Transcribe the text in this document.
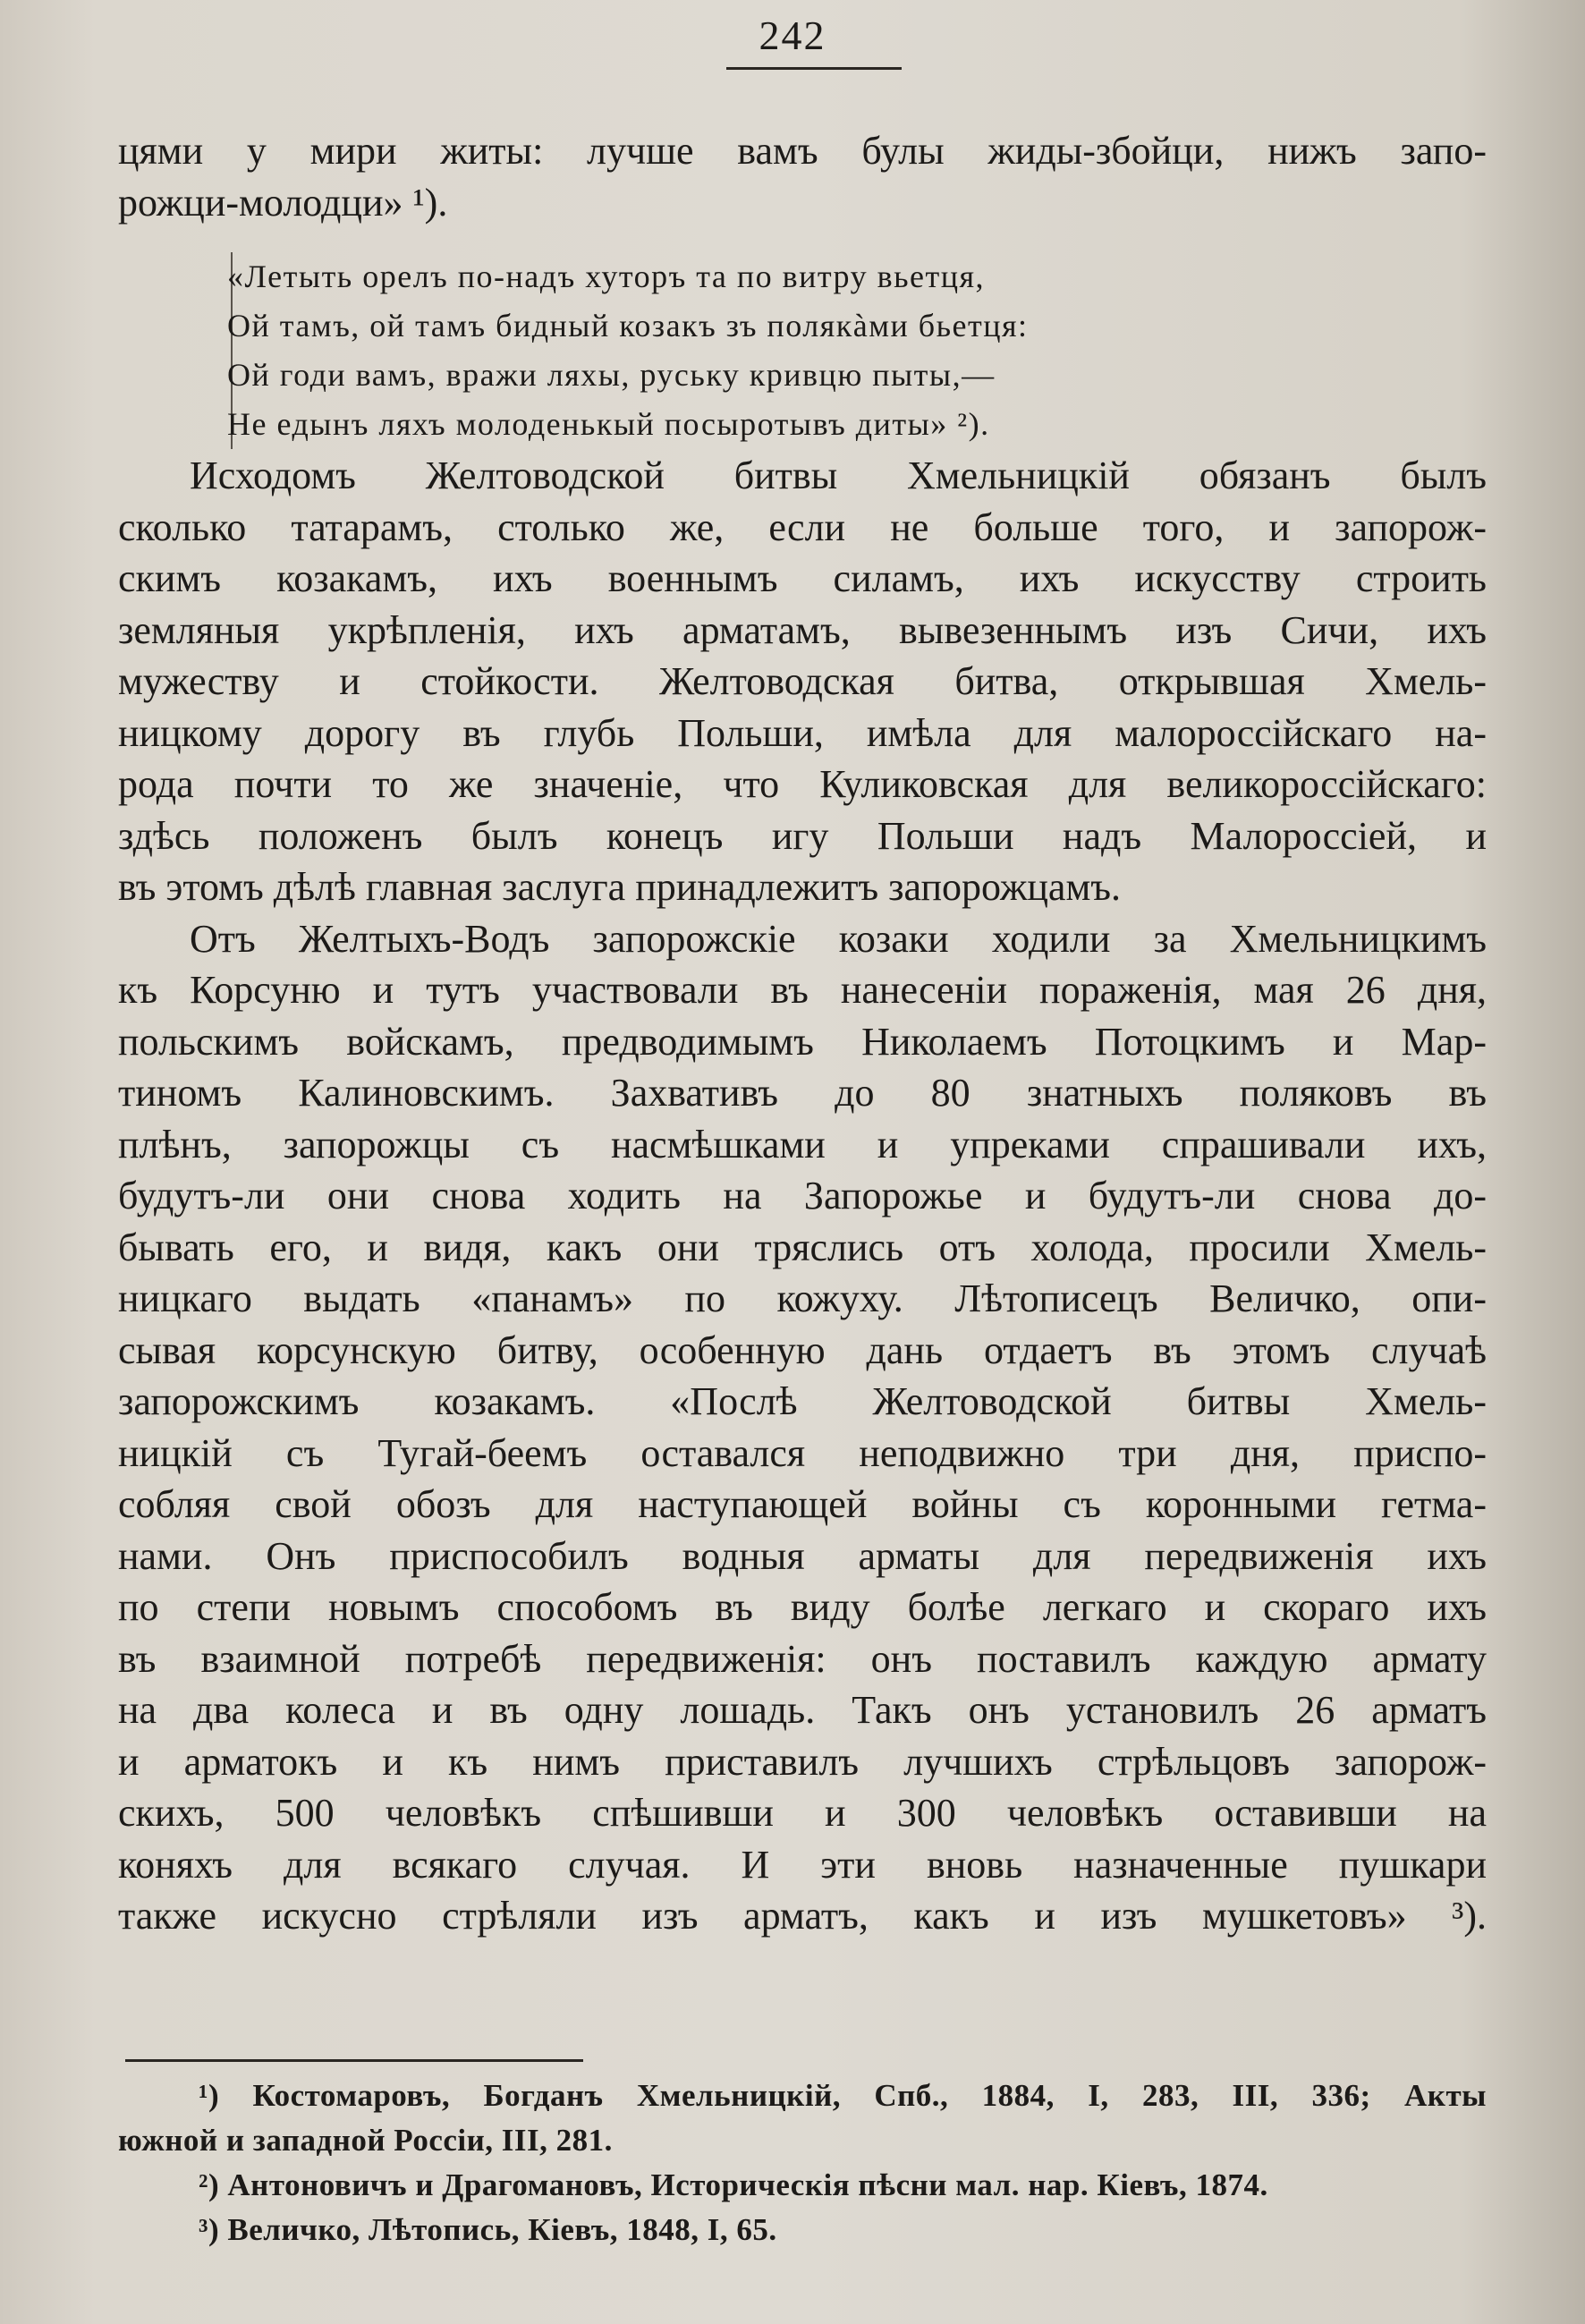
242
цями у мири житы: лучше вамъ булы жиды-збойци, нижъ запо-
рожци-молодци» ¹).
«Летыть орелъ по-надъ хуторъ та по витру вьетця,
Ой тамъ, ой тамъ бидный козакъ зъ полякàми бьетця:
Ой годи вамъ, вражи ляхы, руську кривцю пыты,—
Не едынъ ляхъ молоденькый посыротывъ диты» ²).
Исходомъ Желтоводской битвы Хмельницкій обязанъ былъ
сколько татарамъ, столько же, если не больше того, и запорож-
скимъ козакамъ, ихъ военнымъ силамъ, ихъ искусству строить
земляныя укрѣпленія, ихъ арматамъ, вывезеннымъ изъ Сичи, ихъ
мужеству и стойкости. Желтоводская битва, открывшая Хмель-
ницкому дорогу въ глубь Польши, имѣла для малороссійскаго на-
рода почти то же значеніе, что Куликовская для великороссійскаго:
здѣсь положенъ былъ конецъ игу Польши надъ Малороссіей, и
въ этомъ дѣлѣ главная заслуга принадлежитъ запорожцамъ.
Отъ Желтыхъ-Водъ запорожскіе козаки ходили за Хмельницкимъ
къ Корсуню и тутъ участвовали въ нанесеніи пораженія, мая 26 дня,
польскимъ войскамъ, предводимымъ Николаемъ Потоцкимъ и Мар-
тиномъ Калиновскимъ. Захвативъ до 80 знатныхъ поляковъ въ
плѣнъ, запорожцы съ насмѣшками и упреками спрашивали ихъ,
будутъ-ли они снова ходить на Запорожье и будутъ-ли снова до-
бывать его, и видя, какъ они тряслись отъ холода, просили Хмель-
ницкаго выдать «панамъ» по кожуху. Лѣтописецъ Величко, опи-
сывая корсунскую битву, особенную дань отдаетъ въ этомъ случаѣ
запорожскимъ козакамъ. «Послѣ Желтоводской битвы Хмель-
ницкій съ Тугай-беемъ оставался неподвижно три дня, приспо-
собляя свой обозъ для наступающей войны съ коронными гетма-
нами. Онъ приспособилъ водныя арматы для передвиженія ихъ
по степи новымъ способомъ въ виду болѣе легкаго и скораго ихъ
въ взаимной потребѣ передвиженія: онъ поставилъ каждую армату
на два колеса и въ одну лошадь. Такъ онъ установилъ 26 арматъ
и арматокъ и къ нимъ приставилъ лучшихъ стрѣльцовъ запорож-
скихъ, 500 человѣкъ спѣшивши и 300 человѣкъ оставивши на
коняхъ для всякаго случая. И эти вновь назначенные пушкари
также искусно стрѣляли изъ арматъ, какъ и изъ мушкетовъ» ³).
¹) Костомаровъ, Богданъ Хмельницкій, Спб., 1884, I, 283, III, 336; Акты
южной и западной Россіи, III, 281.
²) Антоновичъ и Драгомановъ, Историческія пѣсни мал. нар. Кіевъ, 1874.
³) Величко, Лѣтопись, Кіевъ, 1848, I, 65.
